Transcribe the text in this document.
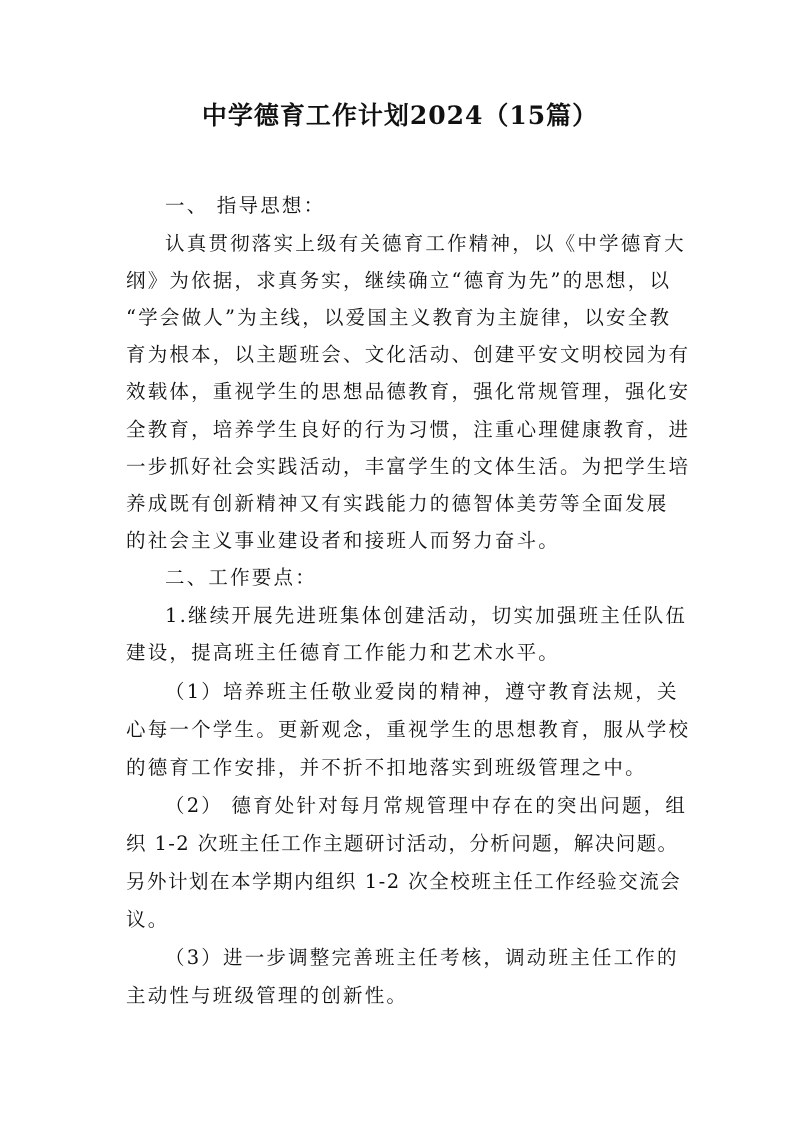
中学德育工作计划2024（15篇）
一、 指导思想：
认真贯彻落实上级有关德育工作精神，以《中学德育大
纲》为依据，求真务实，继续确立“德育为先”的思想，以
“学会做人”为主线，以爱国主义教育为主旋律，以安全教
育为根本，以主题班会、文化活动、创建平安文明校园为有
效载体，重视学生的思想品德教育，强化常规管理，强化安
全教育，培养学生良好的行为习惯，注重心理健康教育，进
一步抓好社会实践活动，丰富学生的文体生活。为把学生培
养成既有创新精神又有实践能力的德智体美劳等全面发展
的社会主义事业建设者和接班人而努力奋斗。
二、工作要点：
1.继续开展先进班集体创建活动，切实加强班主任队伍
建设，提高班主任德育工作能力和艺术水平。
（1）培养班主任敬业爱岗的精神，遵守教育法规，关
心每一个学生。更新观念，重视学生的思想教育，服从学校
的德育工作安排，并不折不扣地落实到班级管理之中。
（2） 德育处针对每月常规管理中存在的突出问题，组
织 1-2 次班主任工作主题研讨活动，分析问题，解决问题。
另外计划在本学期内组织 1-2 次全校班主任工作经验交流会
议。
（3）进一步调整完善班主任考核，调动班主任工作的
主动性与班级管理的创新性。
